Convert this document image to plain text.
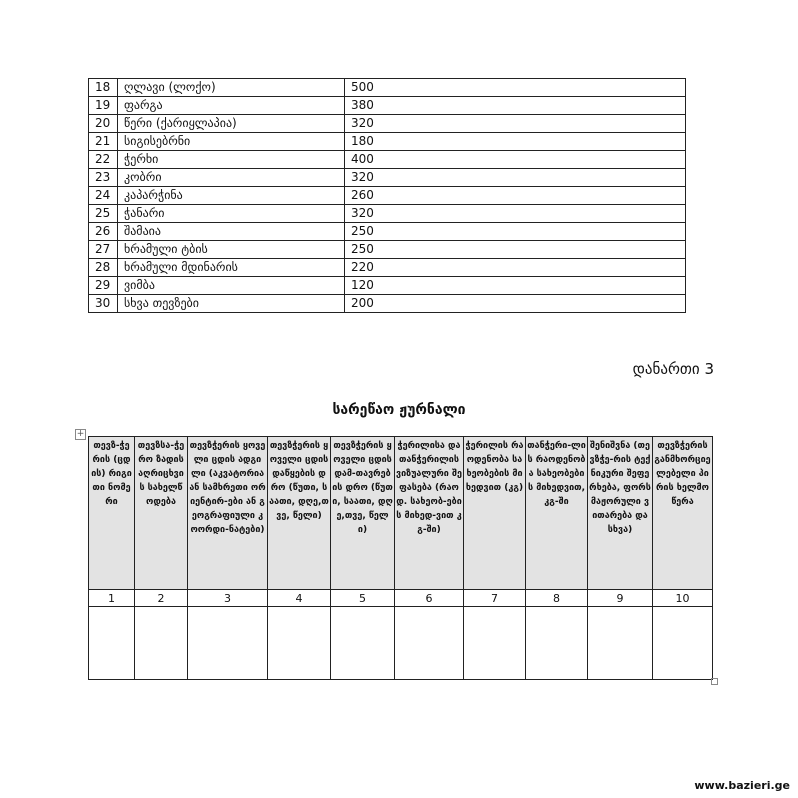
18	ღლავი (ლოქო)	500
19	ფარგა	380
20	წერი (ქარიყლაპია)	320
21	სიგისებრნი	180
22	ჭერხი	400
23	კობრი	320
24	კაპარჭინა	260
25	ჭანარი	320
26	შამაია	250
27	ხრამული ტბის	250
28	ხრამული მდინარის	220
29	ვიმბა	120
30	სხვა თევზები	200
დანართი 3
სარეწაო ჟურნალი
+
თევზ-ჭერის (ცდის) რიგითი ნომერი	თევზსა-ჭერო ზადის აღრიცხვის სახელწოდება	თევზჭერის ყოველი ცდის ადგილი (აკვატორია ან სამხრეთი ორიენტირ-ები ან გეოგრაფიული კოორდი-ნატები)	თევზჭერის ყოველი ცდის დაწყების დრო (წუთი, საათი, დღე,თვე, წელი)	თევზჭერის ყოველი ცდის დამ-თავრების დრო (წუთი, საათი, დღე,თვე, წელი)	ჭერილისა და თანჭერილის ვიზუალური შეფასება (რაოდ. სახეობ-ების მიხედ-ვით კგ-ში)	ჭერილის რაოდენობა სახეობების მიხედვით (კგ)	თანჭერი-ლის რაოდენობა სახეობების მიხედვით, კგ-ში	შენიშვნა (თევზჭე-რის ტექნიკური შეფერხება, ფორსმაჟორული ვითარება და სხვა)	თევზჭერის განმხორციელებელი პირის ხელმოწერა
1	2	3	4	5	6	7	8	9	10

www.bazieri.ge
